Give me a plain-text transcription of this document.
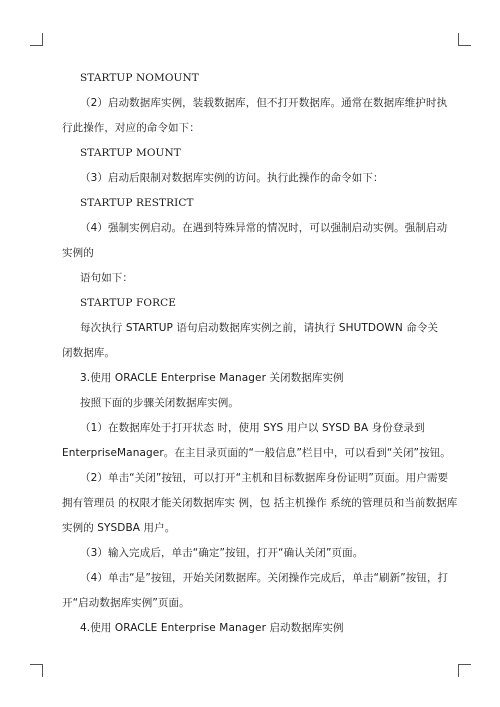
STARTUP NOMOUNT

（2）启动数据库实例，装载数据库，但不打开数据库。通常在数据库维护时执

行此操作，对应的命令如下：

STARTUP MOUNT

（3）启动后限制对数据库实例的访问。执行此操作的命令如下：

STARTUP RESTRICT

（4）强制实例启动。在遇到特殊异常的情况时，可以强制启动实例。强制启动

实例的

语句如下：

STARTUP FORCE

每次执行 STARTUP 语句启动数据库实例之前，请执行 SHUTDOWN 命令关

闭数据库。

3.使用 ORACLE Enterprise Manager 关闭数据库实例

按照下面的步骤关闭数据库实例。

（1）在数据库处于打开状态 时，使用 SYS 用户以 SYSD BA 身份登录到

EnterpriseManager。在主目录页面的“一般信息”栏目中，可以看到“关闭”按钮。

（2）单击“关闭”按钮，可以打开“主机和目标数据库身份证明”页面。用户需要

拥有管理员 的权限才能关闭数据库实 例，包 括主机操作 系统的管理员和当前数据库

实例的 SYSDBA 用户。

（3）输入完成后，单击“确定”按钮，打开“确认关闭”页面。

（4）单击“是”按钮，开始关闭数据库。关闭操作完成后，单击“刷新”按钮，打

开“启动数据库实例”页面。

4.使用 ORACLE Enterprise Manager 启动数据库实例
